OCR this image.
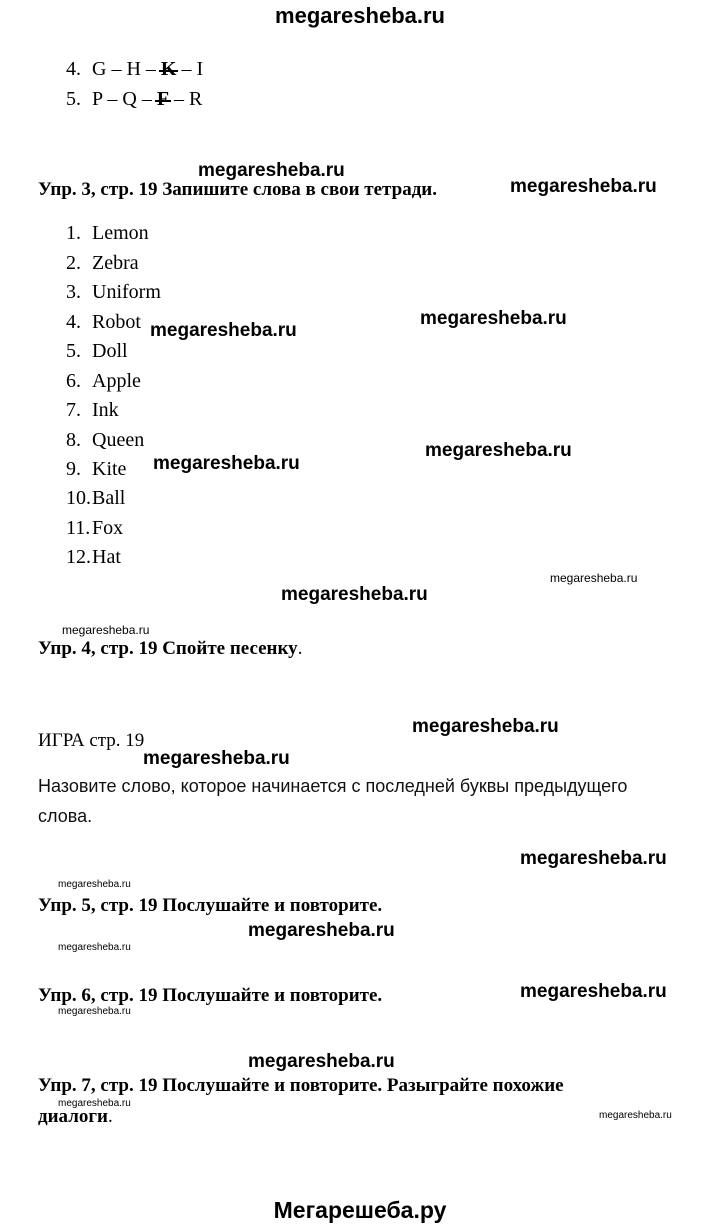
megaresheba.ru
4. G – H – K – I
5. P – Q – F – R
megaresheba.ru
Упр. 3, стр. 19 Запишите слова в свои тетради.	megaresheba.ru
1. Lemon
2. Zebra
3. Uniform
4. Robot
5. Doll
6. Apple
7. Ink
8. Queen
9. Kite
10.Ball
11.Fox
12.Hat
megaresheba.ru
megaresheba.ru
megaresheba.ru
megaresheba.ru
megaresheba.ru
megaresheba.ru
megaresheba.ru
Упр. 4, стр. 19 Спойте песенку.
megaresheba.ru
ИГРА стр. 19
megaresheba.ru
Назовите слово, которое начинается с последней буквы предыдущего
слова.
megaresheba.ru
megaresheba.ru
Упр. 5, стр. 19 Послушайте и повторите.
megaresheba.ru
megaresheba.ru
Упр. 6, стр. 19 Послушайте и повторите.	megaresheba.ru
megaresheba.ru
megaresheba.ru
Упр. 7, стр. 19 Послушайте и повторите. Разыграйте похожие
megaresheba.ru
диалоги.	megaresheba.ru
Мегарешеба.ру
